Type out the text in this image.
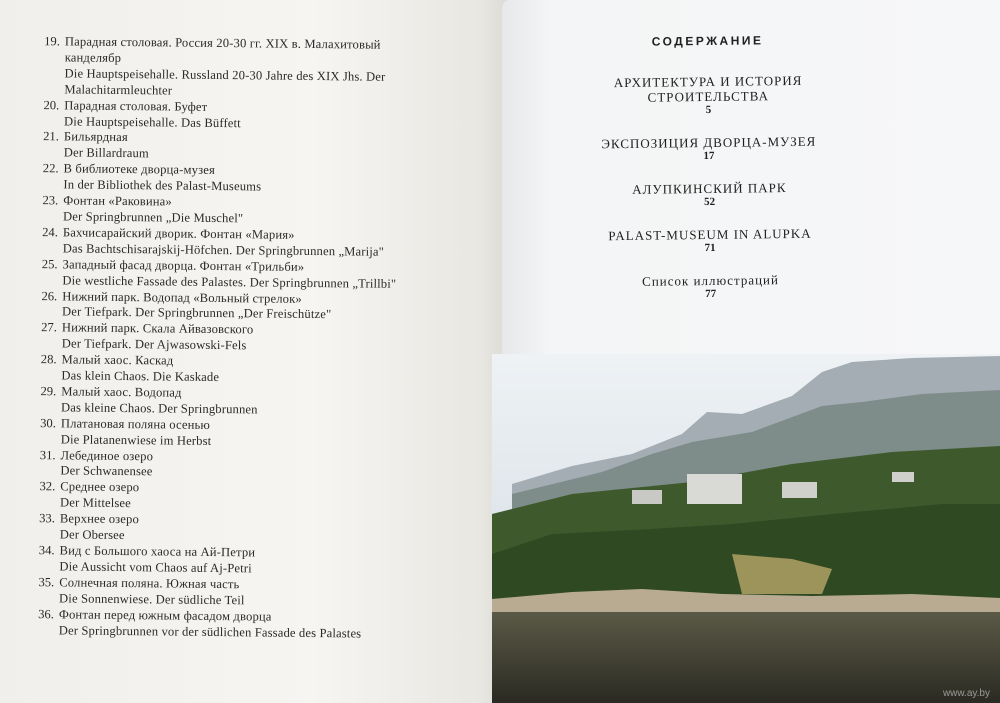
19. Парадная столовая. Россия 20-30 гг. XIX в. Малахитовый
канделябр
Die Hauptspeisehalle. Russland 20-30 Jahre des XIX Jhs. Der
Malachitarmleuchter
20. Парадная столовая. Буфет
Die Hauptspeisehalle. Das Büffett
21. Бильярдная
Der Billardraum
22. В библиотеке дворца-музея
In der Bibliothek des Palast-Museums
23. Фонтан «Раковина»
Der Springbrunnen „Die Muschel"
24. Бахчисарайский дворик. Фонтан «Мария»
Das Bachtschisarajskij-Höfchen. Der Springbrunnen „Marija"
25. Западный фасад дворца. Фонтан «Трильби»
Die westliche Fassade des Palastes. Der Springbrunnen „Trillbi"
26. Нижний парк. Водопад «Вольный стрелок»
Der Tiefpark. Der Springbrunnen „Der Freischütze"
27. Нижний парк. Скала Айвазовского
Der Tiefpark. Der Ajwasowski-Fels
28. Малый хаос. Каскад
Das klein Chaos. Die Kaskade
29. Малый хаос. Водопад
Das kleine Chaos. Der Springbrunnen
30. Платановая поляна осенью
Die Platanenwiese im Herbst
31. Лебединое озеро
Der Schwanensee
32. Среднее озеро
Der Mittelsee
33. Верхнее озеро
Der Obersee
34. Вид с Большого хаоса на Ай-Петри
Die Aussicht vom Chaos auf Aj-Petri
35. Солнечная поляна. Южная часть
Die Sonnenwiese. Der südliche Teil
36. Фонтан перед южным фасадом дворца
Der Springbrunnen vor der südlichen Fassade des Palastes
СОДЕРЖАНИЕ
АРХИТЕКТУРА И ИСТОРИЯ
СТРОИТЕЛЬСТВА
5
ЭКСПОЗИЦИЯ ДВОРЦА-МУЗЕЯ
17
АЛУПКИНСКИЙ ПАРК
52
PALAST-MUSEUM IN ALUPKA
71
Список иллюстраций
77
www.ay.by
